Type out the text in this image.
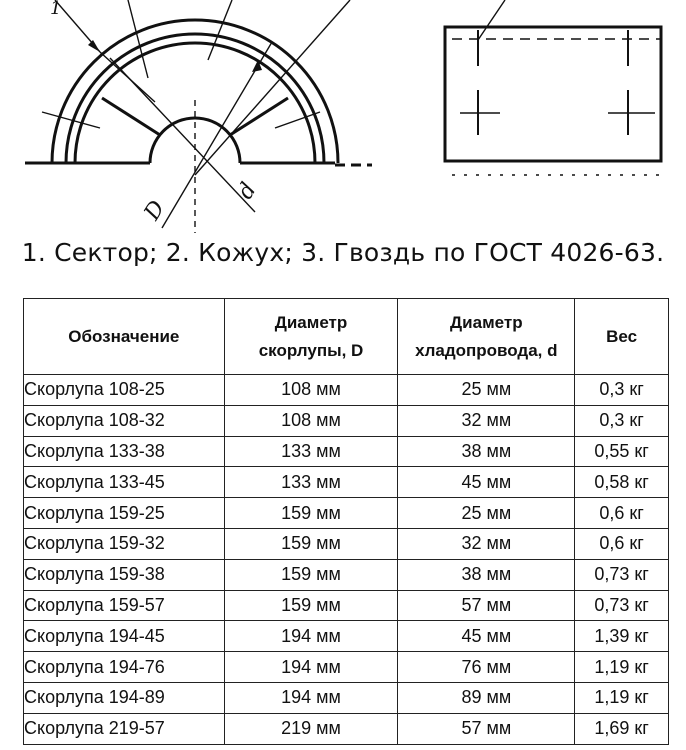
D
d
1
1. Сектор; 2. Кожух; 3. Гвоздь по ГОСТ 4026-63.
Обозначение	Диаметр скорлупы, D	Диаметр хладопровода, d	Вес
Скорлупа 108-25	108 мм	25 мм	0,3 кг
Скорлупа 108-32	108 мм	32 мм	0,3 кг
Скорлупа 133-38	133 мм	38 мм	0,55 кг
Скорлупа 133-45	133 мм	45 мм	0,58 кг
Скорлупа 159-25	159 мм	25 мм	0,6 кг
Скорлупа 159-32	159 мм	32 мм	0,6 кг
Скорлупа 159-38	159 мм	38 мм	0,73 кг
Скорлупа 159-57	159 мм	57 мм	0,73 кг
Скорлупа 194-45	194 мм	45 мм	1,39 кг
Скорлупа 194-76	194 мм	76 мм	1,19 кг
Скорлупа 194-89	194 мм	89 мм	1,19 кг
Скорлупа 219-57	219 мм	57 мм	1,69 кг
